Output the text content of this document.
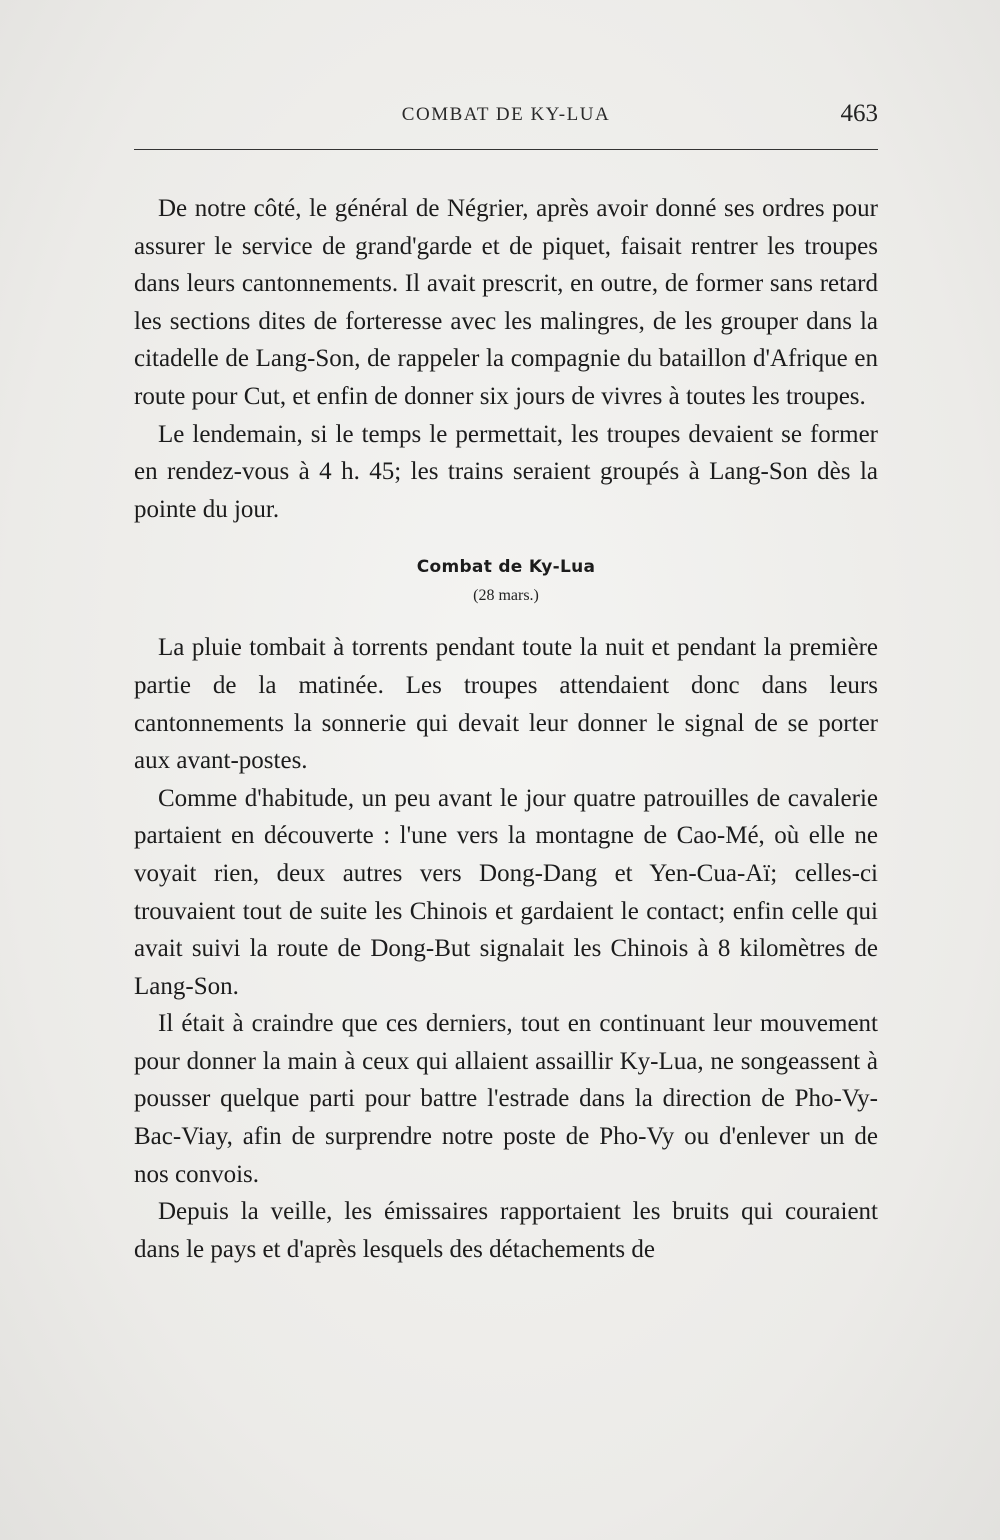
COMBAT DE KY-LUA	463

De notre côté, le général de Négrier, après avoir donné ses ordres pour assurer le service de grand'garde et de piquet, faisait rentrer les troupes dans leurs cantonnements. Il avait prescrit, en outre, de former sans retard les sections dites de forteresse avec les malingres, de les grouper dans la citadelle de Lang-Son, de rappeler la compagnie du bataillon d'Afrique en route pour Cut, et enfin de donner six jours de vivres à toutes les troupes.

Le lendemain, si le temps le permettait, les troupes devaient se former en rendez-vous à 4 h. 45; les trains seraient groupés à Lang-Son dès la pointe du jour.

Combat de Ky-Lua
(28 mars.)

La pluie tombait à torrents pendant toute la nuit et pendant la première partie de la matinée. Les troupes attendaient donc dans leurs cantonnements la sonnerie qui devait leur donner le signal de se porter aux avant-postes.

Comme d'habitude, un peu avant le jour quatre patrouilles de cavalerie partaient en découverte : l'une vers la montagne de Cao-Mé, où elle ne voyait rien, deux autres vers Dong-Dang et Yen-Cua-Aï; celles-ci trouvaient tout de suite les Chinois et gardaient le contact; enfin celle qui avait suivi la route de Dong-But signalait les Chinois à 8 kilomètres de Lang-Son.

Il était à craindre que ces derniers, tout en continuant leur mouvement pour donner la main à ceux qui allaient assaillir Ky-Lua, ne songeassent à pousser quelque parti pour battre l'estrade dans la direction de Pho-Vy-Bac-Viay, afin de surprendre notre poste de Pho-Vy ou d'enlever un de nos convois.

Depuis la veille, les émissaires rapportaient les bruits qui couraient dans le pays et d'après lesquels des détachements de
